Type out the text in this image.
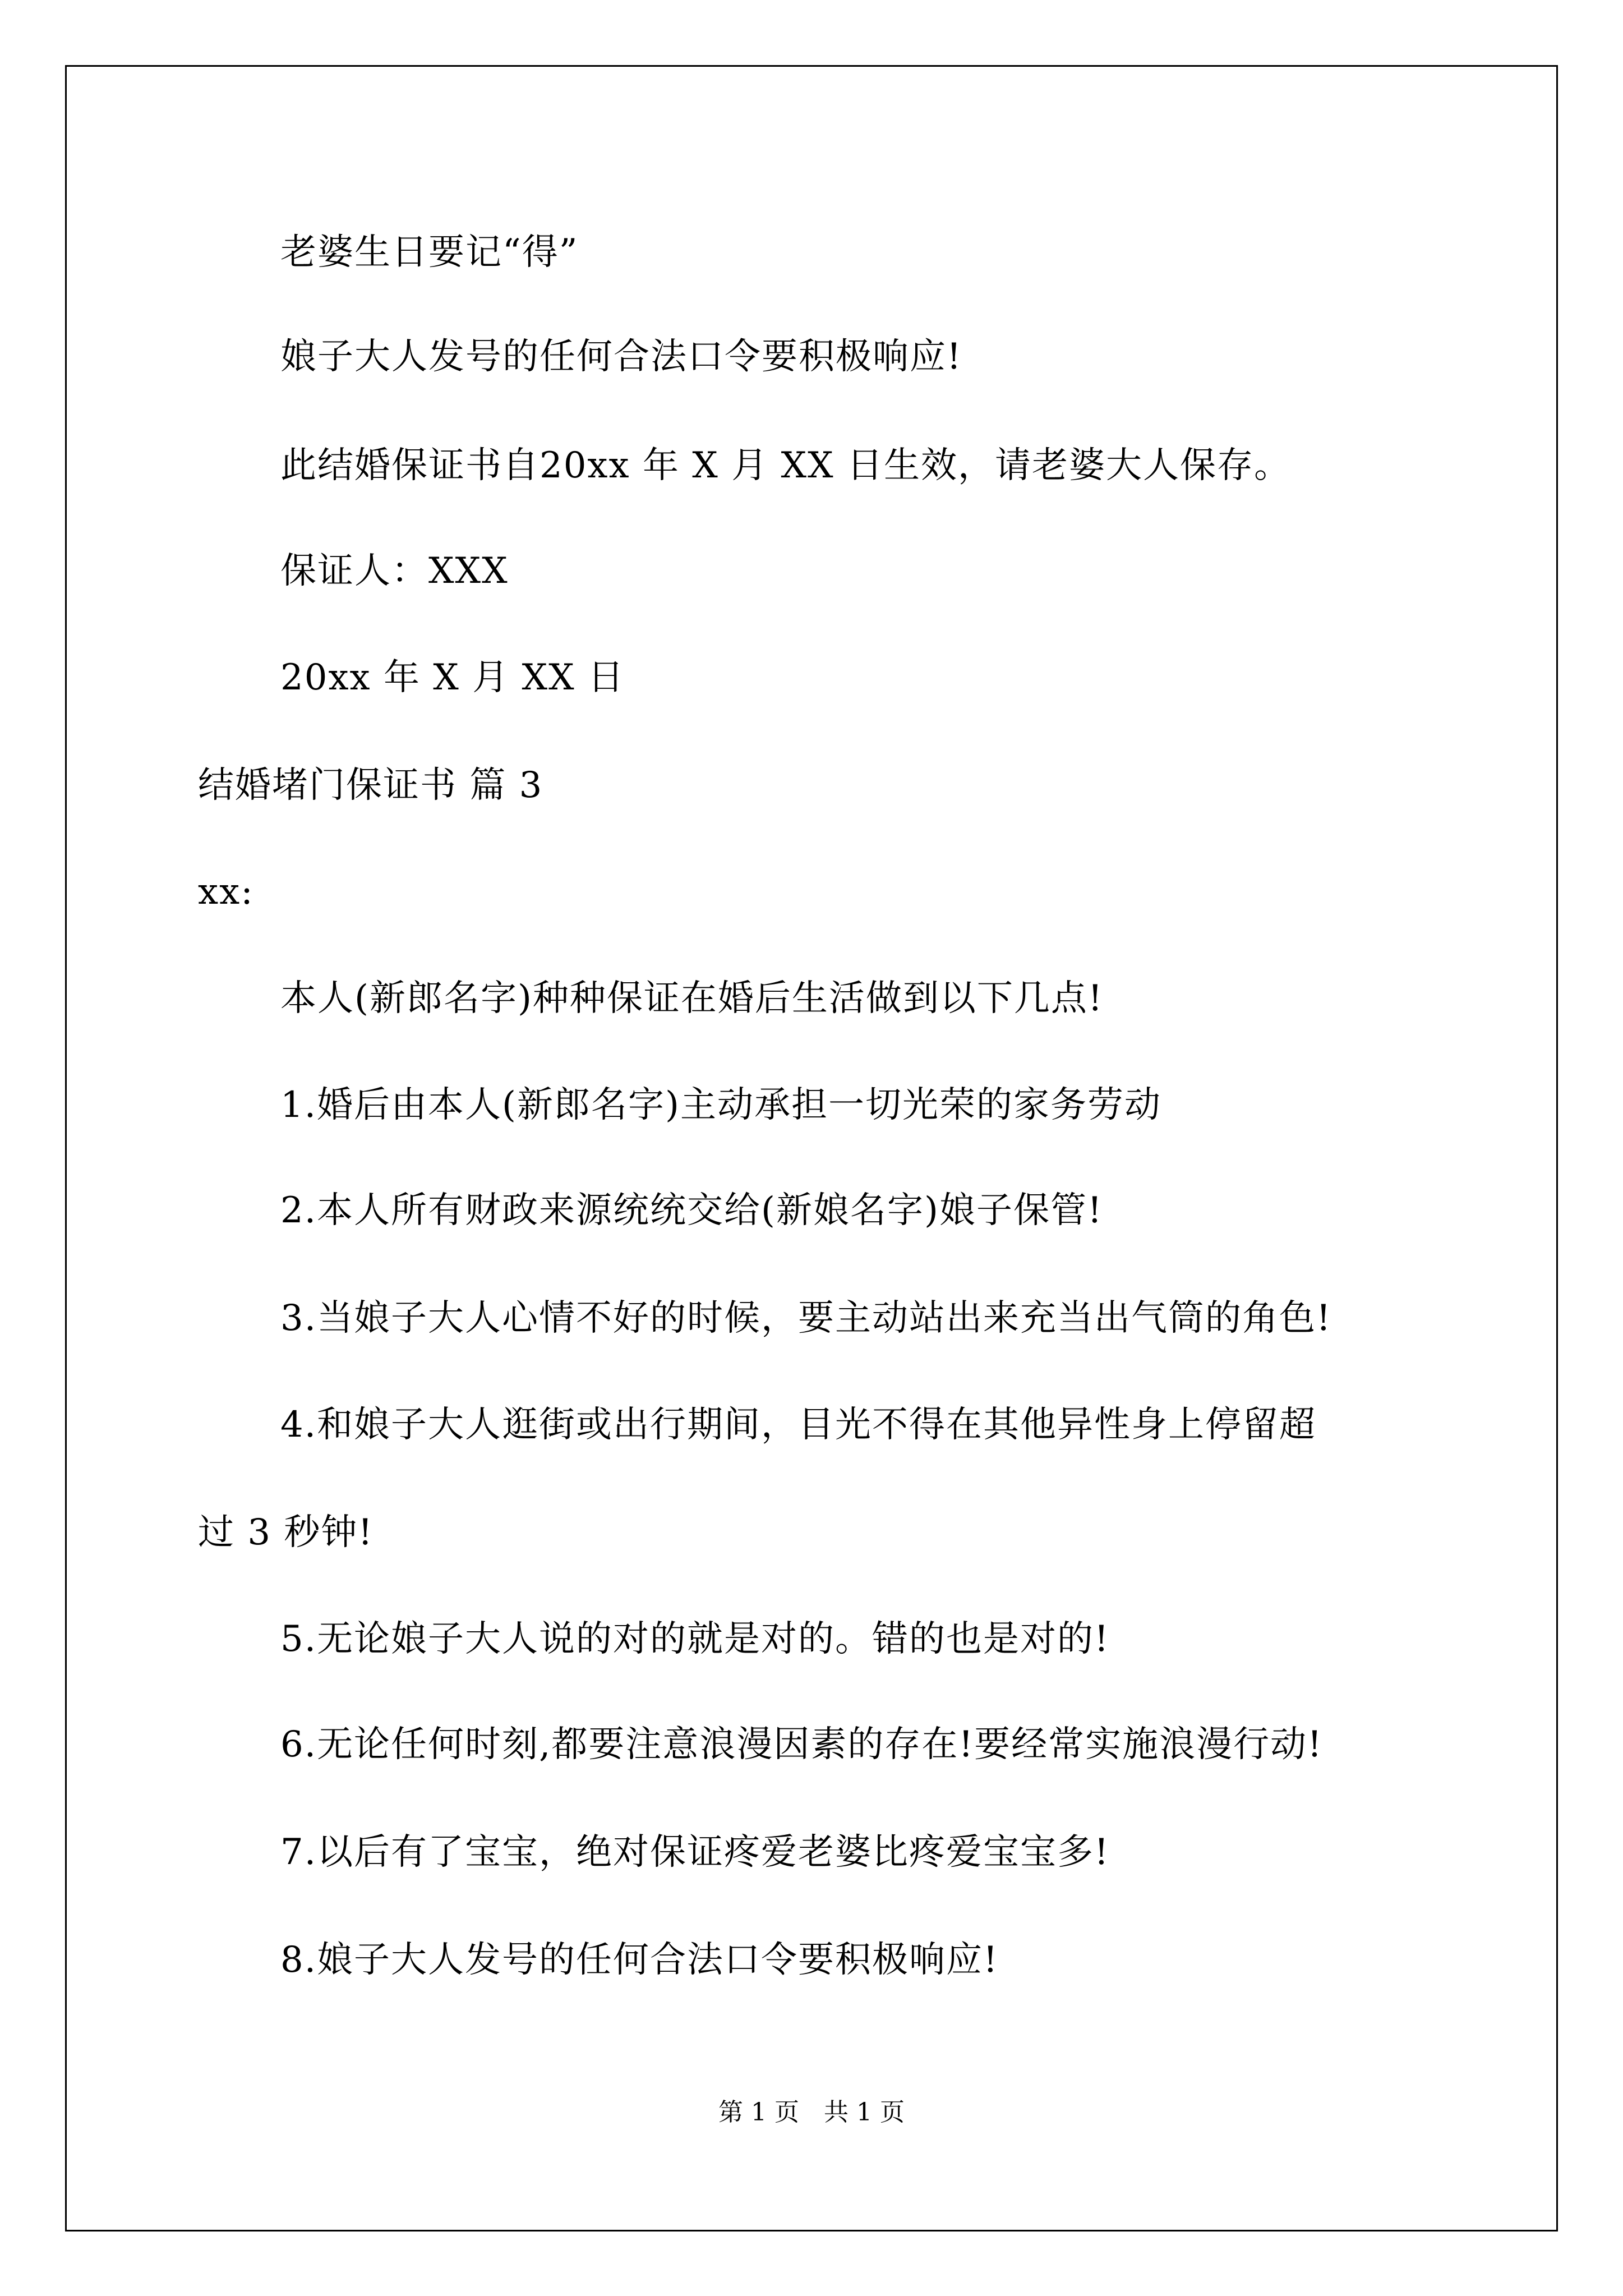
老婆生日要记“得”
娘子大人发号的任何合法口令要积极响应!
此结婚保证书自20xx 年 X 月 XX 日生效，请老婆大人保存。
保证人：XXX
20xx 年 X 月 XX 日
结婚堵门保证书 篇 3
xx:
本人(新郎名字)种种保证在婚后生活做到以下几点!
1.婚后由本人(新郎名字)主动承担一切光荣的家务劳动
2.本人所有财政来源统统交给(新娘名字)娘子保管!
3.当娘子大人心情不好的时候，要主动站出来充当出气筒的角色!
4.和娘子大人逛街或出行期间，目光不得在其他异性身上停留超
过 3 秒钟!
5.无论娘子大人说的对的就是对的。错的也是对的!
6.无论任何时刻,都要注意浪漫因素的存在!要经常实施浪漫行动!
7.以后有了宝宝，绝对保证疼爱老婆比疼爱宝宝多!
8.娘子大人发号的任何合法口令要积极响应!
第 1 页　共 1 页
